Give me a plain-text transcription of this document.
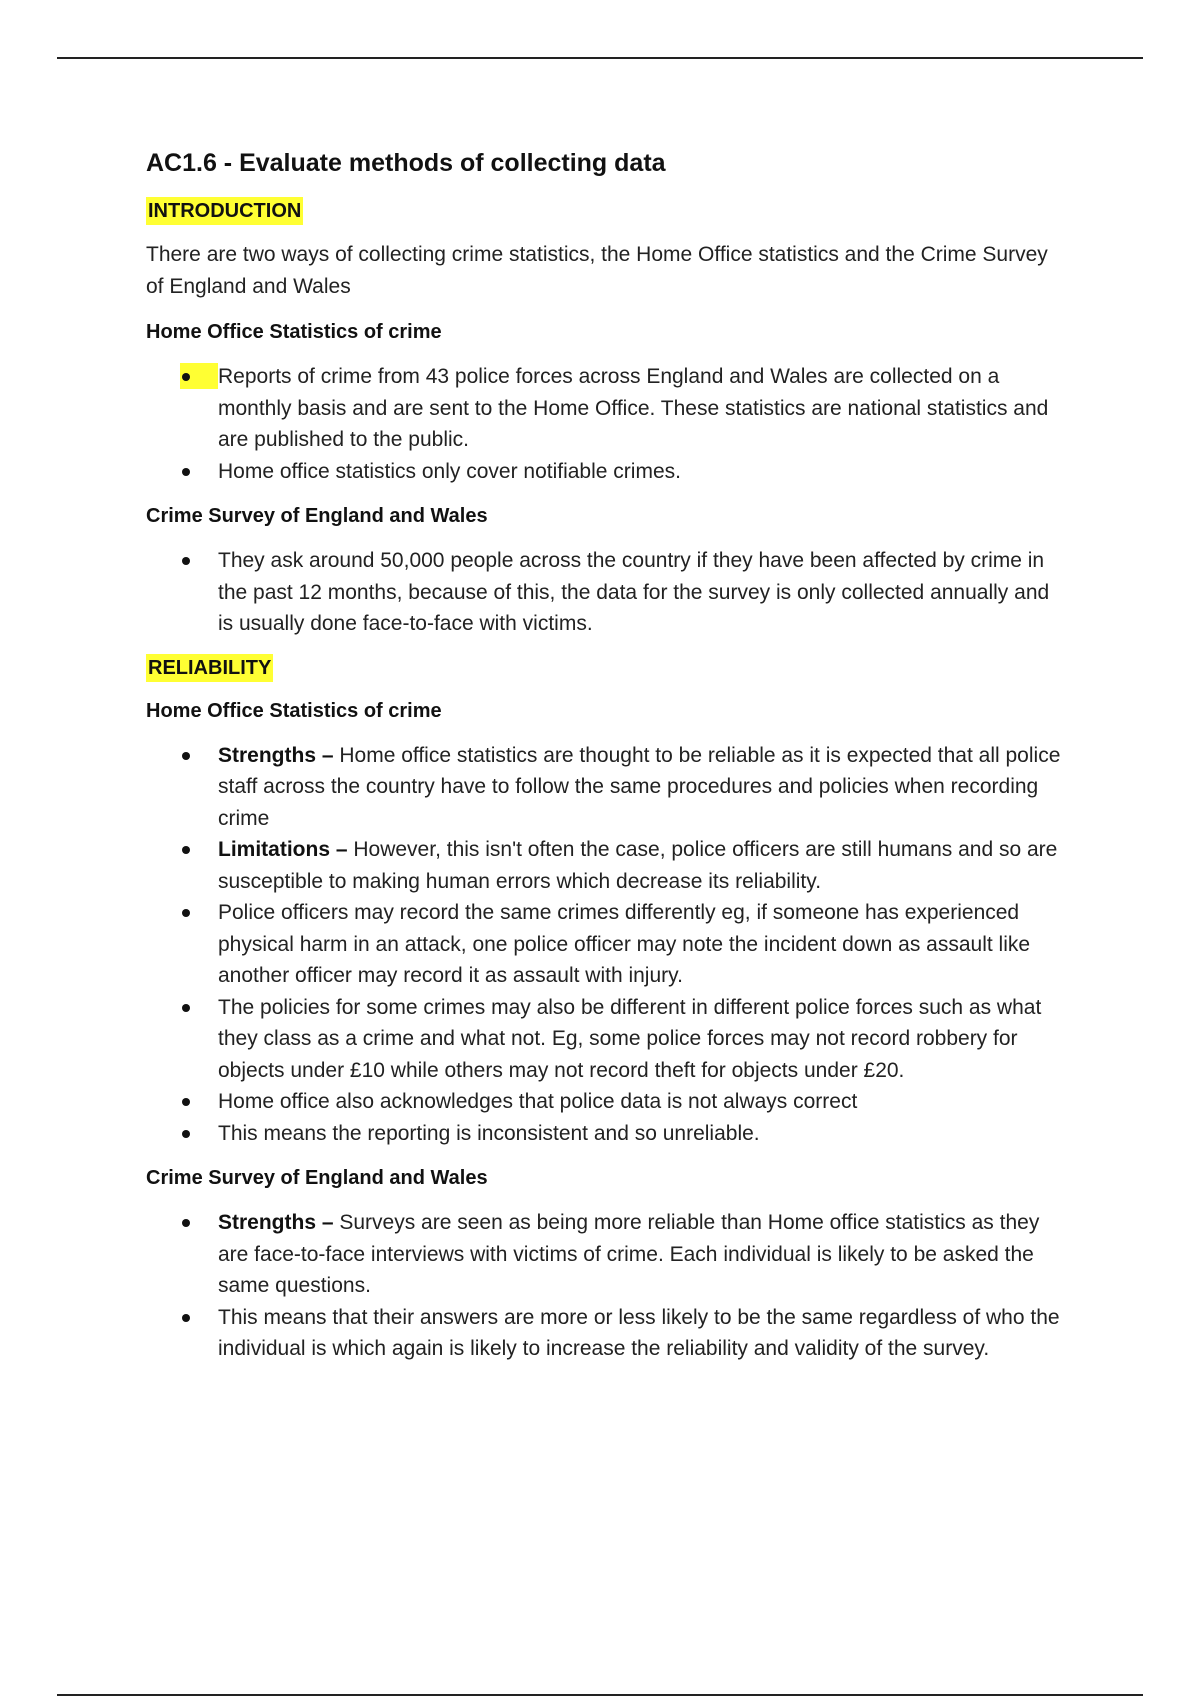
AC1.6 - Evaluate methods of collecting data
INTRODUCTION

There are two ways of collecting crime statistics, the Home Office statistics and the Crime Survey of England and Wales

Home Office Statistics of crime
Reports of crime from 43 police forces across England and Wales are collected on a monthly basis and are sent to the Home Office. These statistics are national statistics and are published to the public.
Home office statistics only cover notifiable crimes.
Crime Survey of England and Wales
They ask around 50,000 people across the country if they have been affected by crime in the past 12 months, because of this, the data for the survey is only collected annually and is usually done face-to-face with victims.
RELIABILITY
Home Office Statistics of crime
Strengths – Home office statistics are thought to be reliable as it is expected that all police staff across the country have to follow the same procedures and policies when recording crime
Limitations – However, this isn't often the case, police officers are still humans and so are susceptible to making human errors which decrease its reliability.
Police officers may record the same crimes differently eg, if someone has experienced physical harm in an attack, one police officer may note the incident down as assault like another officer may record it as assault with injury.
The policies for some crimes may also be different in different police forces such as what they class as a crime and what not. Eg, some police forces may not record robbery for objects under £10 while others may not record theft for objects under £20.
Home office also acknowledges that police data is not always correct
This means the reporting is inconsistent and so unreliable.
Crime Survey of England and Wales
Strengths – Surveys are seen as being more reliable than Home office statistics as they are face-to-face interviews with victims of crime. Each individual is likely to be asked the same questions.
This means that their answers are more or less likely to be the same regardless of who the individual is which again is likely to increase the reliability and validity of the survey.
